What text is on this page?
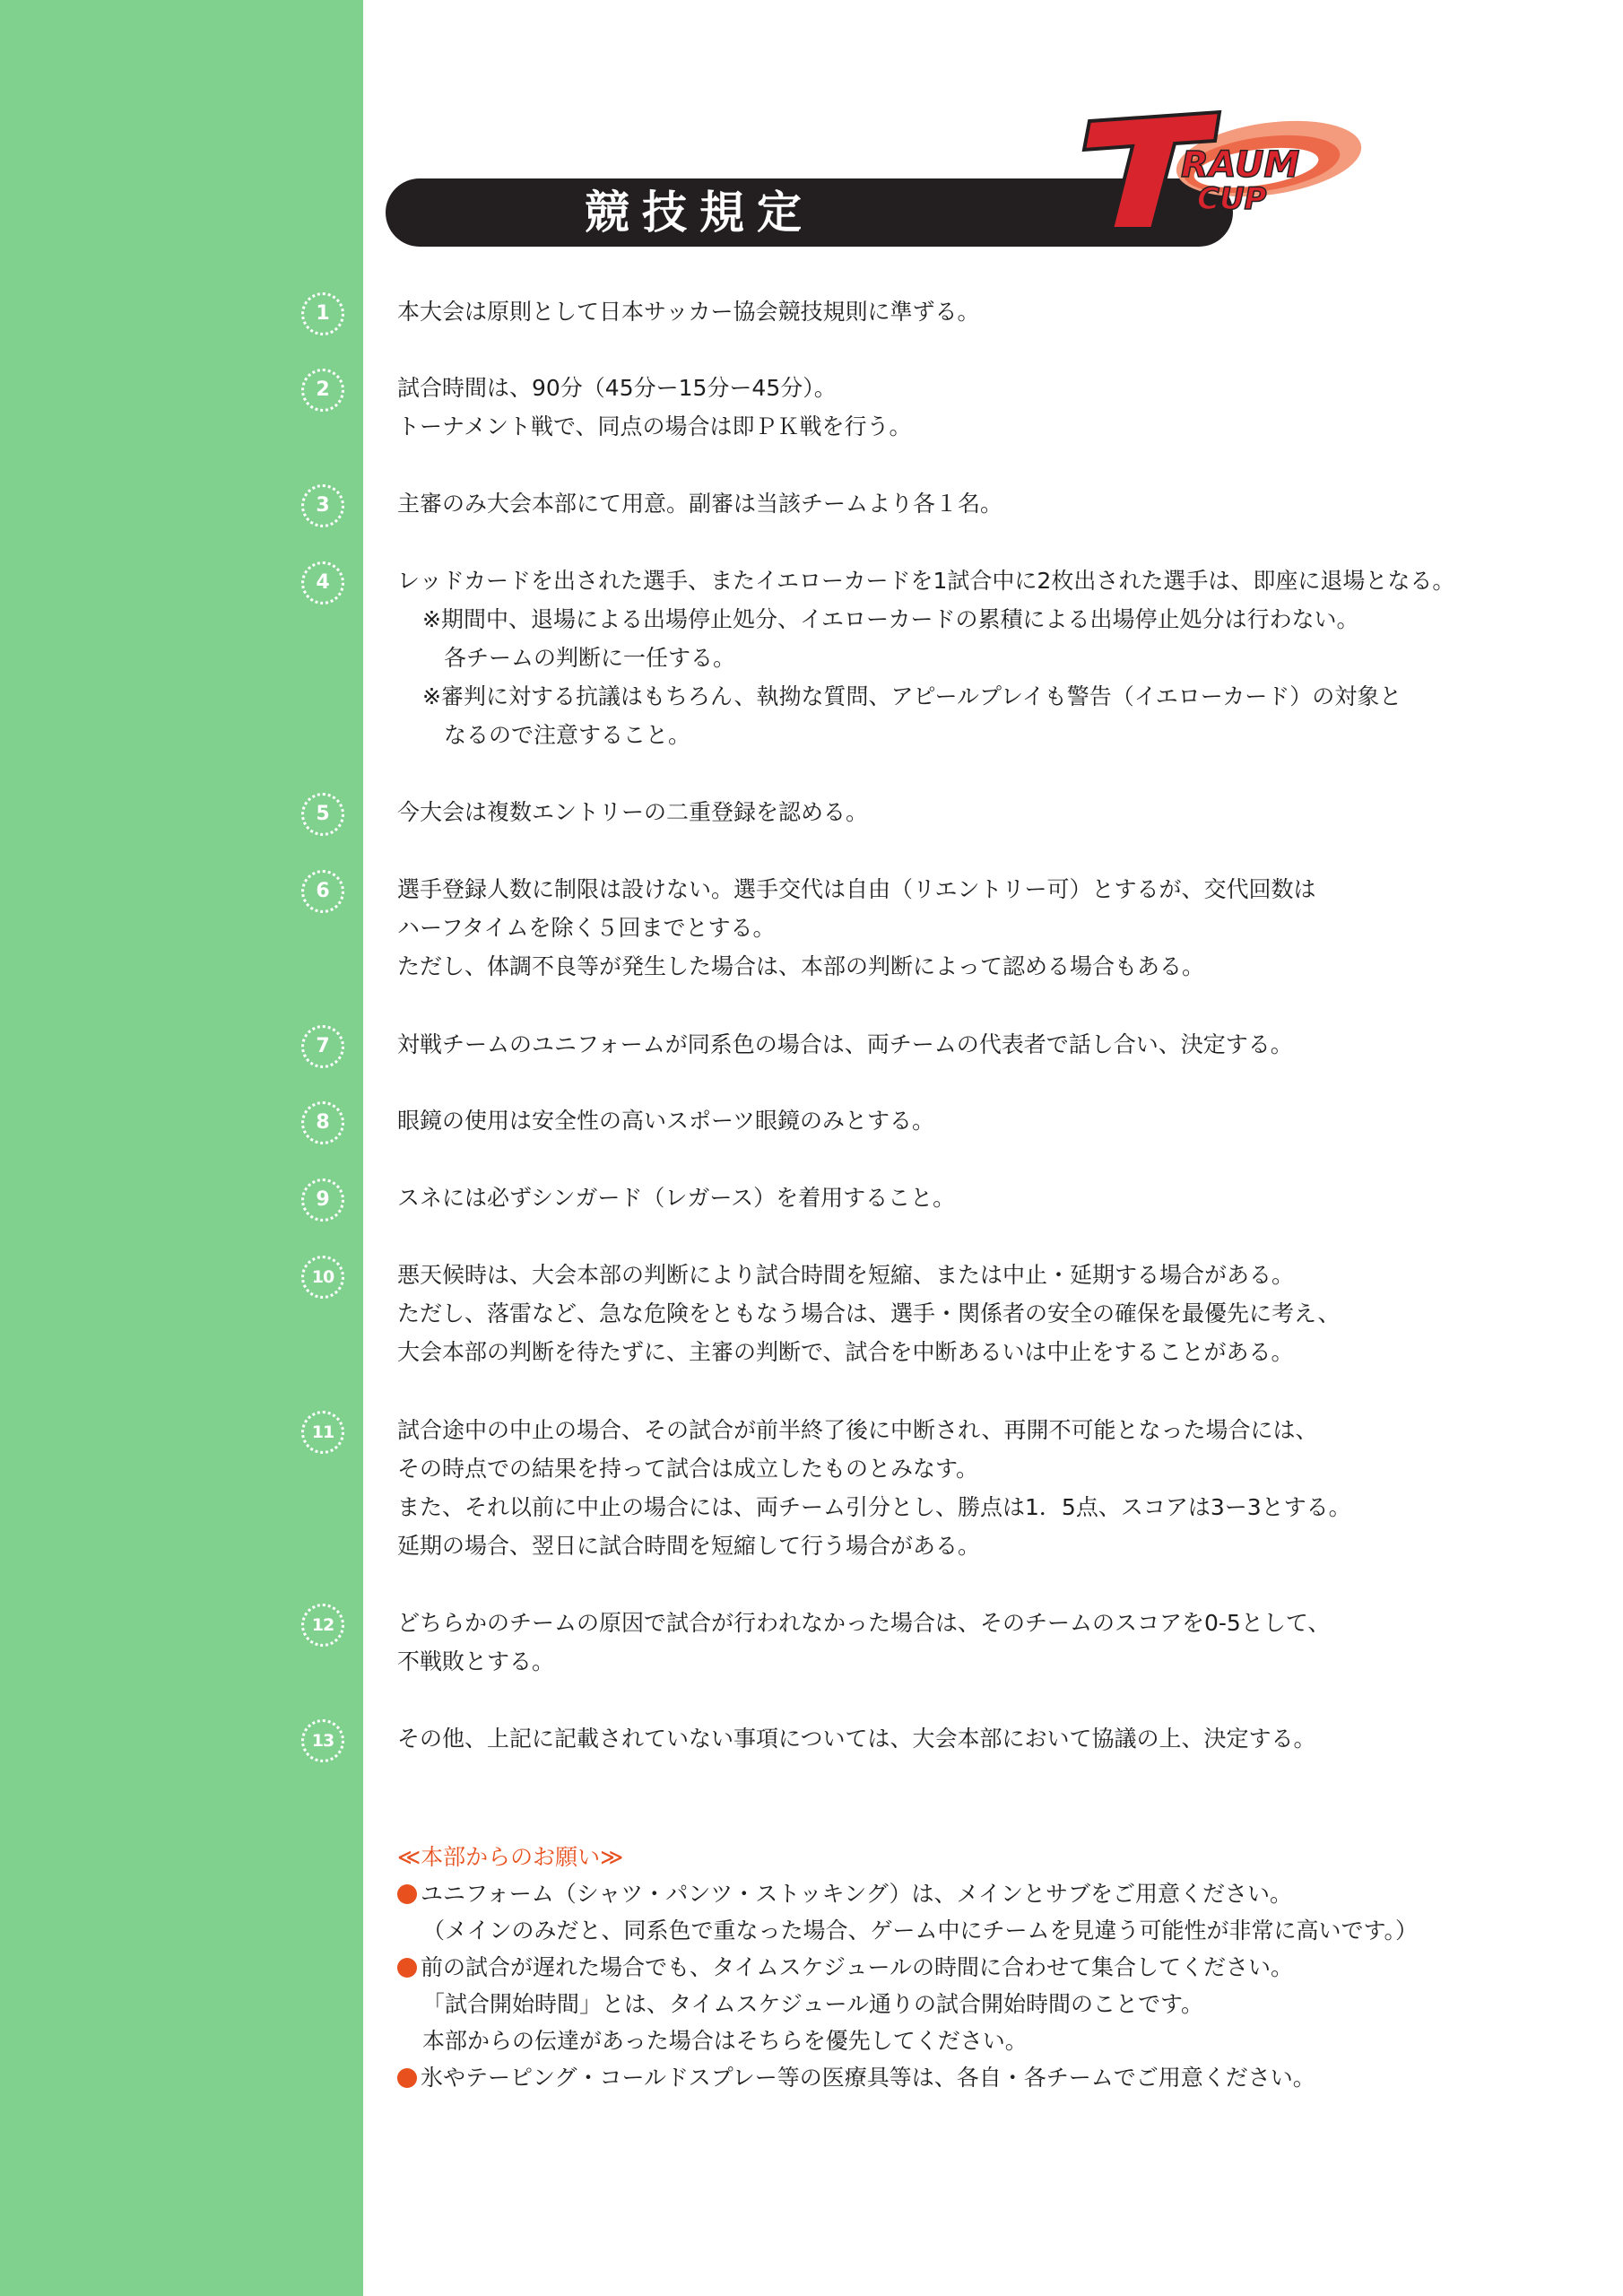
競技規定
RAUM
CUP
1	本大会は原則として日本サッカー協会競技規則に準ずる。

2	試合時間は、90分（45分ー15分ー45分）。

トーナメント戦で、同点の場合は即ＰＫ戦を行う。

3	主審のみ大会本部にて用意。副審は当該チームより各１名。

4	レッドカードを出された選手、またイエローカードを1試合中に2枚出された選手は、即座に退場となる。

※期間中、退場による出場停止処分、イエローカードの累積による出場停止処分は行わない。

各チームの判断に一任する。

※審判に対する抗議はもちろん、執拗な質問、アピールプレイも警告（イエローカード）の対象と

なるので注意すること。

5	今大会は複数エントリーの二重登録を認める。

6	選手登録人数に制限は設けない。選手交代は自由（リエントリー可）とするが、交代回数は

ハーフタイムを除く５回までとする。

ただし、体調不良等が発生した場合は、本部の判断によって認める場合もある。

7	対戦チームのユニフォームが同系色の場合は、両チームの代表者で話し合い、決定する。

8	眼鏡の使用は安全性の高いスポーツ眼鏡のみとする。

9	スネには必ずシンガード（レガース）を着用すること。

10	悪天候時は、大会本部の判断により試合時間を短縮、または中止・延期する場合がある。

ただし、落雷など、急な危険をともなう場合は、選手・関係者の安全の確保を最優先に考え、

大会本部の判断を待たずに、主審の判断で、試合を中断あるいは中止をすることがある。

11	試合途中の中止の場合、その試合が前半終了後に中断され、再開不可能となった場合には、

その時点での結果を持って試合は成立したものとみなす。

また、それ以前に中止の場合には、両チーム引分とし、勝点は1．5点、スコアは3ー3とする。

延期の場合、翌日に試合時間を短縮して行う場合がある。

12	どちらかのチームの原因で試合が行われなかった場合は、そのチームのスコアを0-5として、

不戦敗とする。

13	その他、上記に記載されていない事項については、大会本部において協議の上、決定する。

≪本部からのお願い≫

ユニフォーム（シャツ・パンツ・ストッキング）は、メインとサブをご用意ください。

（メインのみだと、同系色で重なった場合、ゲーム中にチームを見違う可能性が非常に高いです。）

前の試合が遅れた場合でも、タイムスケジュールの時間に合わせて集合してください。

「試合開始時間」とは、タイムスケジュール通りの試合開始時間のことです。

本部からの伝達があった場合はそちらを優先してください。

氷やテーピング・コールドスプレー等の医療具等は、各自・各チームでご用意ください。
